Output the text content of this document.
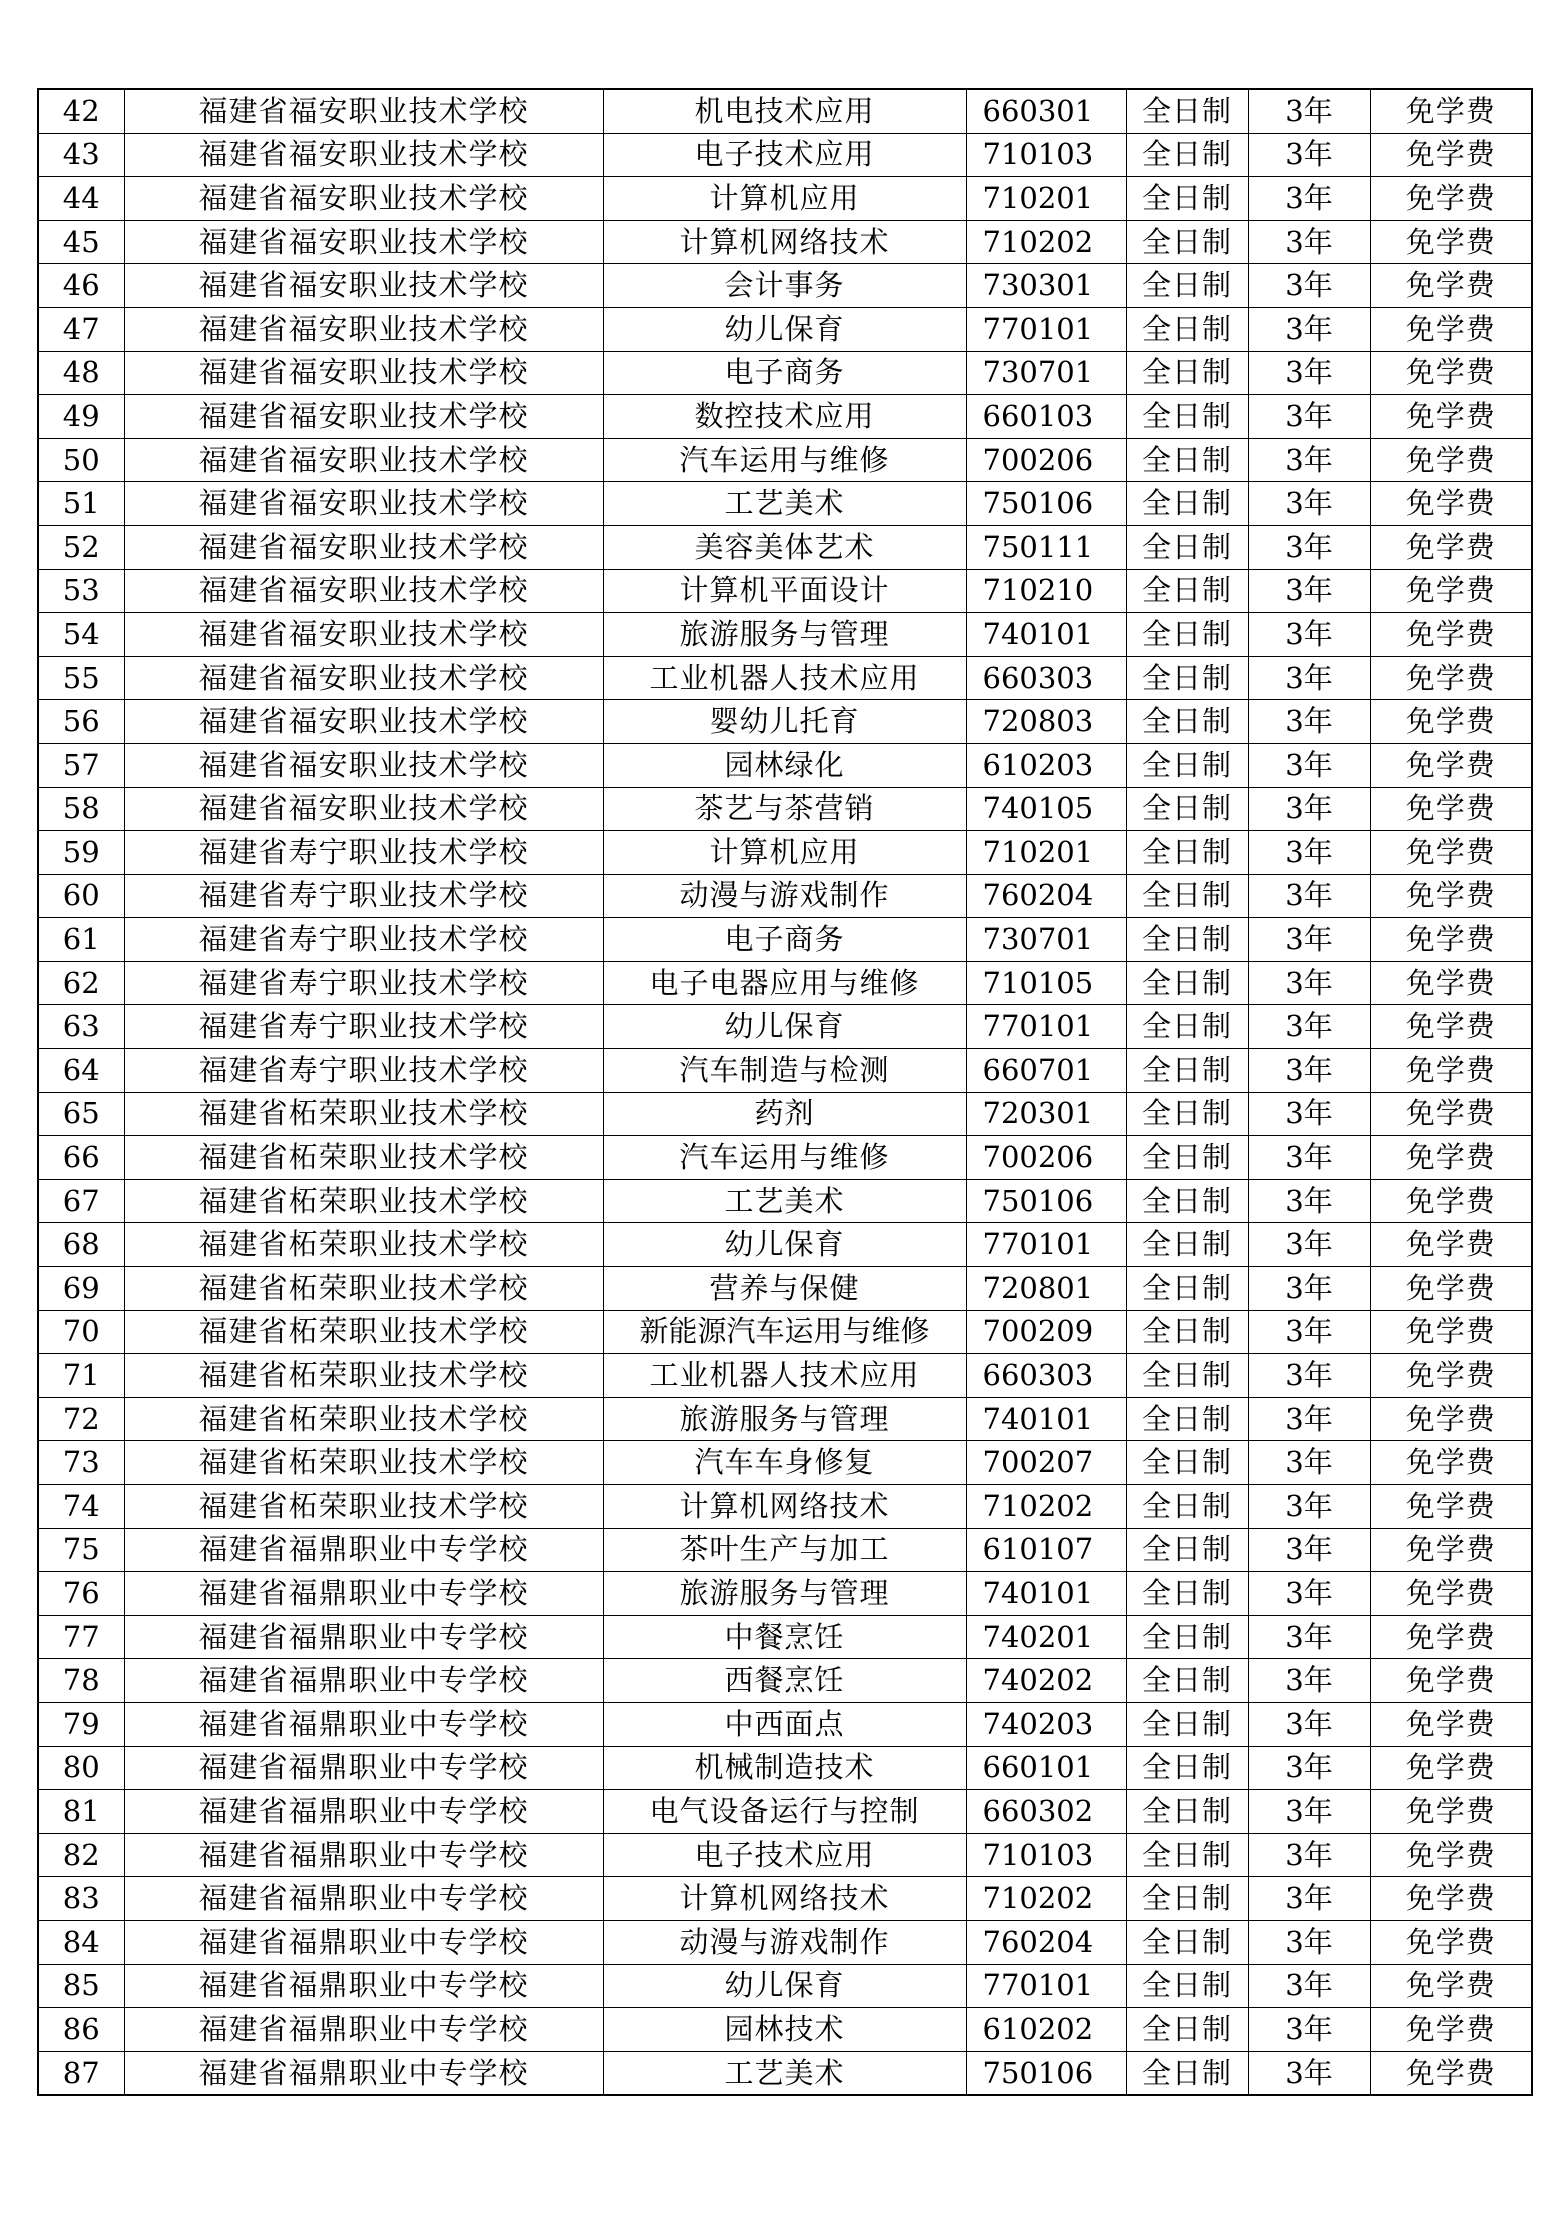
42	福建省福安职业技术学校	机电技术应用	660301	全日制	3年	免学费
43	福建省福安职业技术学校	电子技术应用	710103	全日制	3年	免学费
44	福建省福安职业技术学校	计算机应用	710201	全日制	3年	免学费
45	福建省福安职业技术学校	计算机网络技术	710202	全日制	3年	免学费
46	福建省福安职业技术学校	会计事务	730301	全日制	3年	免学费
47	福建省福安职业技术学校	幼儿保育	770101	全日制	3年	免学费
48	福建省福安职业技术学校	电子商务	730701	全日制	3年	免学费
49	福建省福安职业技术学校	数控技术应用	660103	全日制	3年	免学费
50	福建省福安职业技术学校	汽车运用与维修	700206	全日制	3年	免学费
51	福建省福安职业技术学校	工艺美术	750106	全日制	3年	免学费
52	福建省福安职业技术学校	美容美体艺术	750111	全日制	3年	免学费
53	福建省福安职业技术学校	计算机平面设计	710210	全日制	3年	免学费
54	福建省福安职业技术学校	旅游服务与管理	740101	全日制	3年	免学费
55	福建省福安职业技术学校	工业机器人技术应用	660303	全日制	3年	免学费
56	福建省福安职业技术学校	婴幼儿托育	720803	全日制	3年	免学费
57	福建省福安职业技术学校	园林绿化	610203	全日制	3年	免学费
58	福建省福安职业技术学校	茶艺与茶营销	740105	全日制	3年	免学费
59	福建省寿宁职业技术学校	计算机应用	710201	全日制	3年	免学费
60	福建省寿宁职业技术学校	动漫与游戏制作	760204	全日制	3年	免学费
61	福建省寿宁职业技术学校	电子商务	730701	全日制	3年	免学费
62	福建省寿宁职业技术学校	电子电器应用与维修	710105	全日制	3年	免学费
63	福建省寿宁职业技术学校	幼儿保育	770101	全日制	3年	免学费
64	福建省寿宁职业技术学校	汽车制造与检测	660701	全日制	3年	免学费
65	福建省柘荣职业技术学校	药剂	720301	全日制	3年	免学费
66	福建省柘荣职业技术学校	汽车运用与维修	700206	全日制	3年	免学费
67	福建省柘荣职业技术学校	工艺美术	750106	全日制	3年	免学费
68	福建省柘荣职业技术学校	幼儿保育	770101	全日制	3年	免学费
69	福建省柘荣职业技术学校	营养与保健	720801	全日制	3年	免学费
70	福建省柘荣职业技术学校	新能源汽车运用与维修	700209	全日制	3年	免学费
71	福建省柘荣职业技术学校	工业机器人技术应用	660303	全日制	3年	免学费
72	福建省柘荣职业技术学校	旅游服务与管理	740101	全日制	3年	免学费
73	福建省柘荣职业技术学校	汽车车身修复	700207	全日制	3年	免学费
74	福建省柘荣职业技术学校	计算机网络技术	710202	全日制	3年	免学费
75	福建省福鼎职业中专学校	茶叶生产与加工	610107	全日制	3年	免学费
76	福建省福鼎职业中专学校	旅游服务与管理	740101	全日制	3年	免学费
77	福建省福鼎职业中专学校	中餐烹饪	740201	全日制	3年	免学费
78	福建省福鼎职业中专学校	西餐烹饪	740202	全日制	3年	免学费
79	福建省福鼎职业中专学校	中西面点	740203	全日制	3年	免学费
80	福建省福鼎职业中专学校	机械制造技术	660101	全日制	3年	免学费
81	福建省福鼎职业中专学校	电气设备运行与控制	660302	全日制	3年	免学费
82	福建省福鼎职业中专学校	电子技术应用	710103	全日制	3年	免学费
83	福建省福鼎职业中专学校	计算机网络技术	710202	全日制	3年	免学费
84	福建省福鼎职业中专学校	动漫与游戏制作	760204	全日制	3年	免学费
85	福建省福鼎职业中专学校	幼儿保育	770101	全日制	3年	免学费
86	福建省福鼎职业中专学校	园林技术	610202	全日制	3年	免学费
87	福建省福鼎职业中专学校	工艺美术	750106	全日制	3年	免学费
